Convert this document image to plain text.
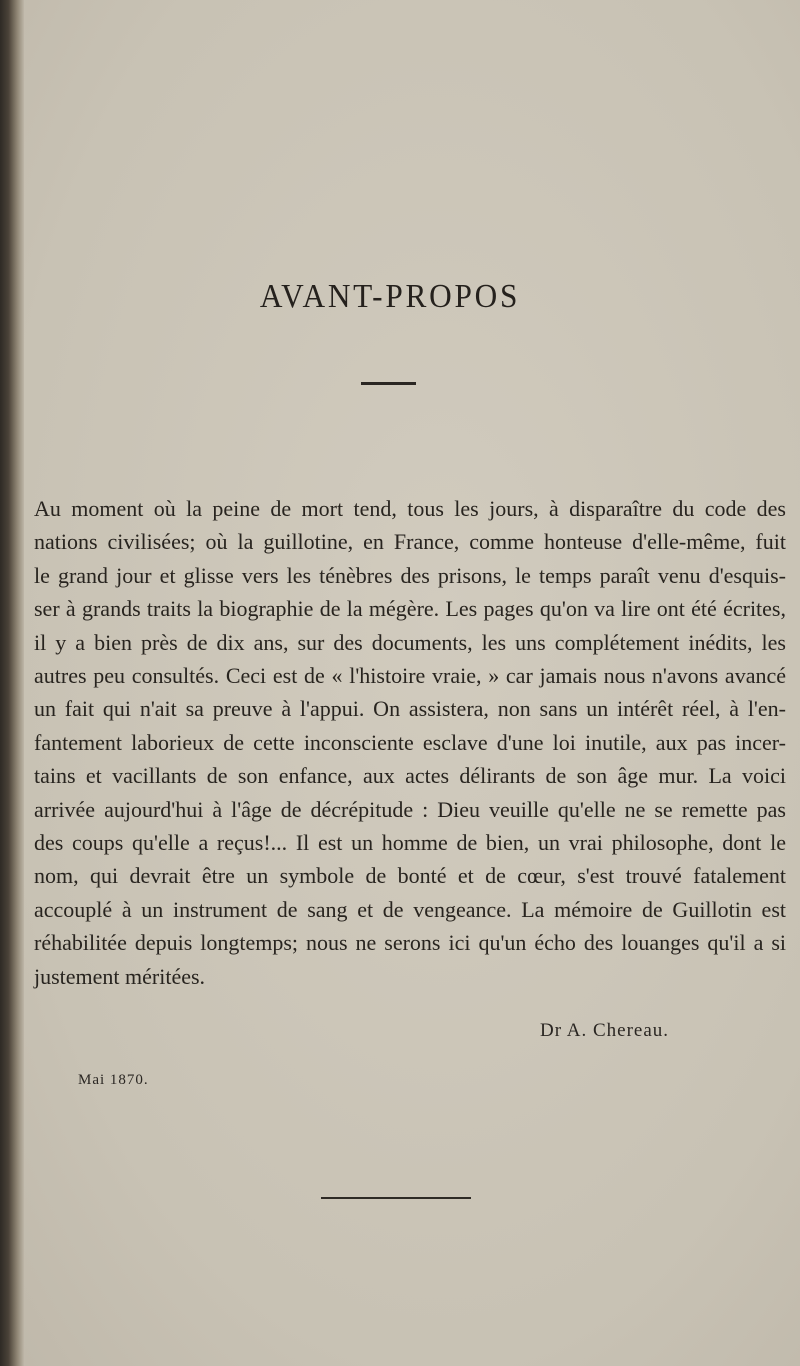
AVANT-PROPOS
Au moment où la peine de mort tend, tous les jours, à disparaître du code des
nations civilisées; où la guillotine, en France, comme honteuse d'elle-même, fuit
le grand jour et glisse vers les ténèbres des prisons, le temps paraît venu d'esquis-
ser à grands traits la biographie de la mégère. Les pages qu'on va lire ont été écrites,
il y a bien près de dix ans, sur des documents, les uns complétement inédits, les
autres peu consultés. Ceci est de « l'histoire vraie, » car jamais nous n'avons avancé
un fait qui n'ait sa preuve à l'appui. On assistera, non sans un intérêt réel, à l'en-
fantement laborieux de cette inconsciente esclave d'une loi inutile, aux pas incer-
tains et vacillants de son enfance, aux actes délirants de son âge mur. La voici
arrivée aujourd'hui à l'âge de décrépitude : Dieu veuille qu'elle ne se remette pas
des coups qu'elle a reçus!... Il est un homme de bien, un vrai philosophe, dont le
nom, qui devrait être un symbole de bonté et de cœur, s'est trouvé fatalement
accouplé à un instrument de sang et de vengeance. La mémoire de Guillotin est
réhabilitée depuis longtemps; nous ne serons ici qu'un écho des louanges qu'il a si
justement méritées.
Dr A. Chereau.
Mai 1870.
